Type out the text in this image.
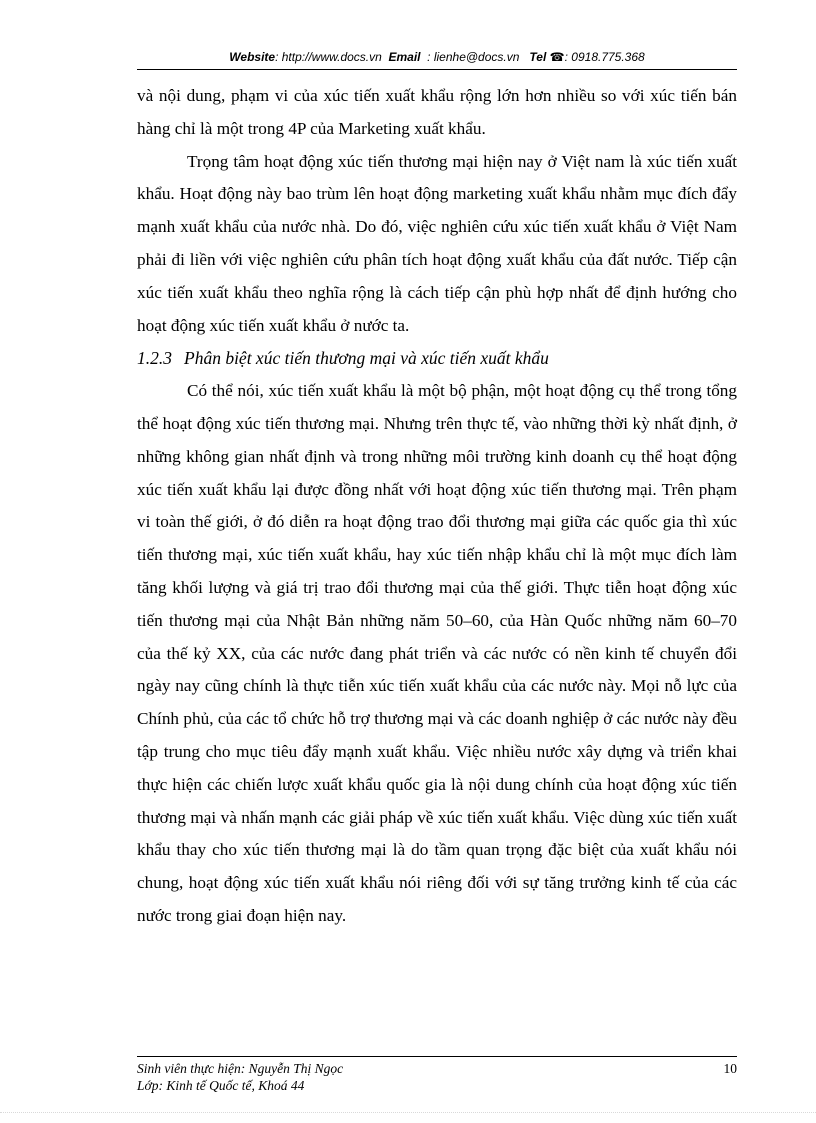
Website: http://www.docs.vn Email : lienhe@docs.vn Tel ☎: 0918.775.368

và nội dung, phạm vi của xúc tiến xuất khẩu rộng lớn hơn nhiều so với xúc tiến bán hàng chỉ là một trong 4P của Marketing xuất khẩu.

Trọng tâm hoạt động xúc tiến thương mại hiện nay ở Việt nam là xúc tiến xuất khẩu. Hoạt động này bao trùm lên hoạt động marketing xuất khẩu nhằm mục đích đẩy mạnh xuất khẩu của nước nhà. Do đó, việc nghiên cứu xúc tiến xuất khẩu ở Việt Nam phải đi liền với việc nghiên cứu phân tích hoạt động xuất khẩu của đất nước. Tiếp cận xúc tiến xuất khẩu theo nghĩa rộng là cách tiếp cận phù hợp nhất để định hướng cho hoạt động xúc tiến xuất khẩu ở nước ta.

1.2.3 Phân biệt xúc tiến thương mại và xúc tiến xuất khẩu

Có thể nói, xúc tiến xuất khẩu là một bộ phận, một hoạt động cụ thể trong tổng thể hoạt động xúc tiến thương mại. Nhưng trên thực tế, vào những thời kỳ nhất định, ở những không gian nhất định và trong những môi trường kinh doanh cụ thể hoạt động xúc tiến xuất khẩu lại được đồng nhất với hoạt động xúc tiến thương mại. Trên phạm vi toàn thế giới, ở đó diễn ra hoạt động trao đổi thương mại giữa các quốc gia thì xúc tiến thương mại, xúc tiến xuất khẩu, hay xúc tiến nhập khẩu chỉ là một mục đích làm tăng khối lượng và giá trị trao đổi thương mại của thế giới. Thực tiễn hoạt động xúc tiến thương mại của Nhật Bản những năm 50–60, của Hàn Quốc những năm 60–70 của thế kỷ XX, của các nước đang phát triển và các nước có nền kinh tế chuyển đổi ngày nay cũng chính là thực tiễn xúc tiến xuất khẩu của các nước này. Mọi nỗ lực của Chính phủ, của các tổ chức hỗ trợ thương mại và các doanh nghiệp ở các nước này đều tập trung cho mục tiêu đẩy mạnh xuất khẩu. Việc nhiều nước xây dựng và triển khai thực hiện các chiến lược xuất khẩu quốc gia là nội dung chính của hoạt động xúc tiến thương mại và nhấn mạnh các giải pháp về xúc tiến xuất khẩu. Việc dùng xúc tiến xuất khẩu thay cho xúc tiến thương mại là do tầm quan trọng đặc biệt của xuất khẩu nói chung, hoạt động xúc tiến xuất khẩu nói riêng đối với sự tăng trưởng kinh tế của các nước trong giai đoạn hiện nay.

Sinh viên thực hiện: Nguyễn Thị Ngọc
Lớp: Kinh tế Quốc tế, Khoá 44
10
